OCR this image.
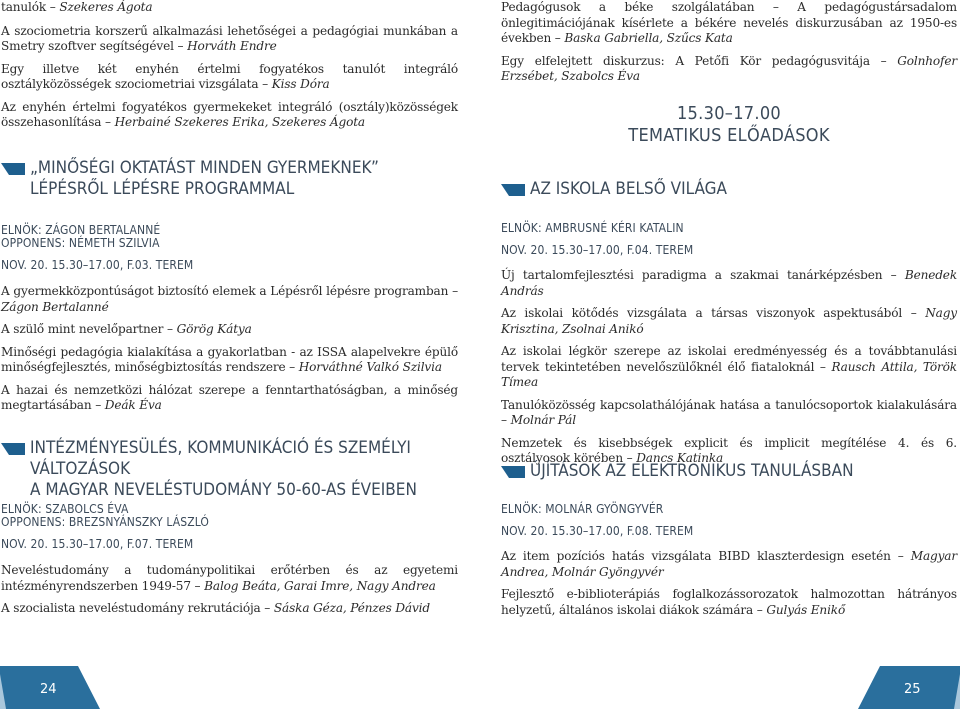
tanulók – Szekeres Ágota

A szociometria korszerű alkalmazási lehetőségei a pedagógiai munkában a Smetry szoftver segítségével – Horváth Endre

Egy illetve két enyhén értelmi fogyatékos tanulót integráló osztályközösségek szociometriai vizsgálata – Kiss Dóra

Az enyhén értelmi fogyatékos gyermekeket integráló (osztály)közösségek összehasonlítása – Herbainé Szekeres Erika, Szekeres Ágota

„MINŐSÉGI OKTATÁST MINDEN GYERMEKNEK” LÉPÉSRŐL LÉPÉSRE PROGRAMMAL
ELNÖK: ZÁGON BERTALANNÉ
OPPONENS: NÉMETH SZILVIA
NOV. 20. 15.30–17.00, F.03. TEREM

A gyermekközpontúságot biztosító elemek a Lépésről lépésre programban – Zágon Bertalanné

A szülő mint nevelőpartner – Görög Kátya

Minőségi pedagógia kialakítása a gyakorlatban - az ISSA alapelvekre épülő minőségfejlesztés, minőségbiztosítás rendszere – Horváthné Valkó Szilvia

A hazai és nemzetközi hálózat szerepe a fenntarthatóságban, a minőség megtartásában – Deák Éva

INTÉZMÉNYESÜLÉS, KOMMUNIKÁCIÓ ÉS SZEMÉLYI VÁLTOZÁSOK
A MAGYAR NEVELÉSTUDOMÁNY 50-60-AS ÉVEIBEN
ELNÖK: SZABOLCS ÉVA
OPPONENS: BREZSNYÁNSZKY LÁSZLÓ
NOV. 20. 15.30–17.00, F.07. TEREM

Neveléstudomány a tudománypolitikai erőtérben és az egyetemi intézményrendszerben 1949-57 – Balog Beáta, Garai Imre, Nagy Andrea

A szocialista neveléstudomány rekrutációja – Sáska Géza, Pénzes Dávid

Pedagógusok a béke szolgálatában – A pedagógustársadalom önlegitimációjának kísérlete a békére nevelés diskurzusában az 1950-es években – Baska Gabriella, Szűcs Kata

Egy elfelejtett diskurzus: A Petőfi Kör pedagógusvitája – Golnhofer Erzsébet, Szabolcs Éva

15.30–17.00
TEMATIKUS ELŐADÁSOK
AZ ISKOLA BELSŐ VILÁGA
ELNÖK: AMBRUSNÉ KÉRI KATALIN
NOV. 20. 15.30–17.00, F.04. TEREM

Új tartalomfejlesztési paradigma a szakmai tanárképzésben – Benedek András

Az iskolai kötődés vizsgálata a társas viszonyok aspektusából – Nagy Krisztina, Zsolnai Anikó

Az iskolai légkör szerepe az iskolai eredményesség és a továbbtanulási tervek tekintetében nevelőszülőknél élő fiataloknál – Rausch Attila, Török Tímea

Tanulóközösség kapcsolathálójának hatása a tanulócsoportok kialakulására – Molnár Pál

Nemzetek és kisebbségek explicit és implicit megítélése 4. és 6. osztályosok körében – Dancs Katinka

ÚJÍTÁSOK AZ ELEKTRONIKUS TANULÁSBAN
ELNÖK: MOLNÁR GYÖNGYVÉR
NOV. 20. 15.30–17.00, F.08. TEREM

Az item pozíciós hatás vizsgálata BIBD klaszterdesign esetén – Magyar Andrea, Molnár Gyöngyvér

Fejlesztő e-biblioterápiás foglalkozássorozatok halmozottan hátrányos helyzetű, általános iskolai diákok számára – Gulyás Enikő

24	25
